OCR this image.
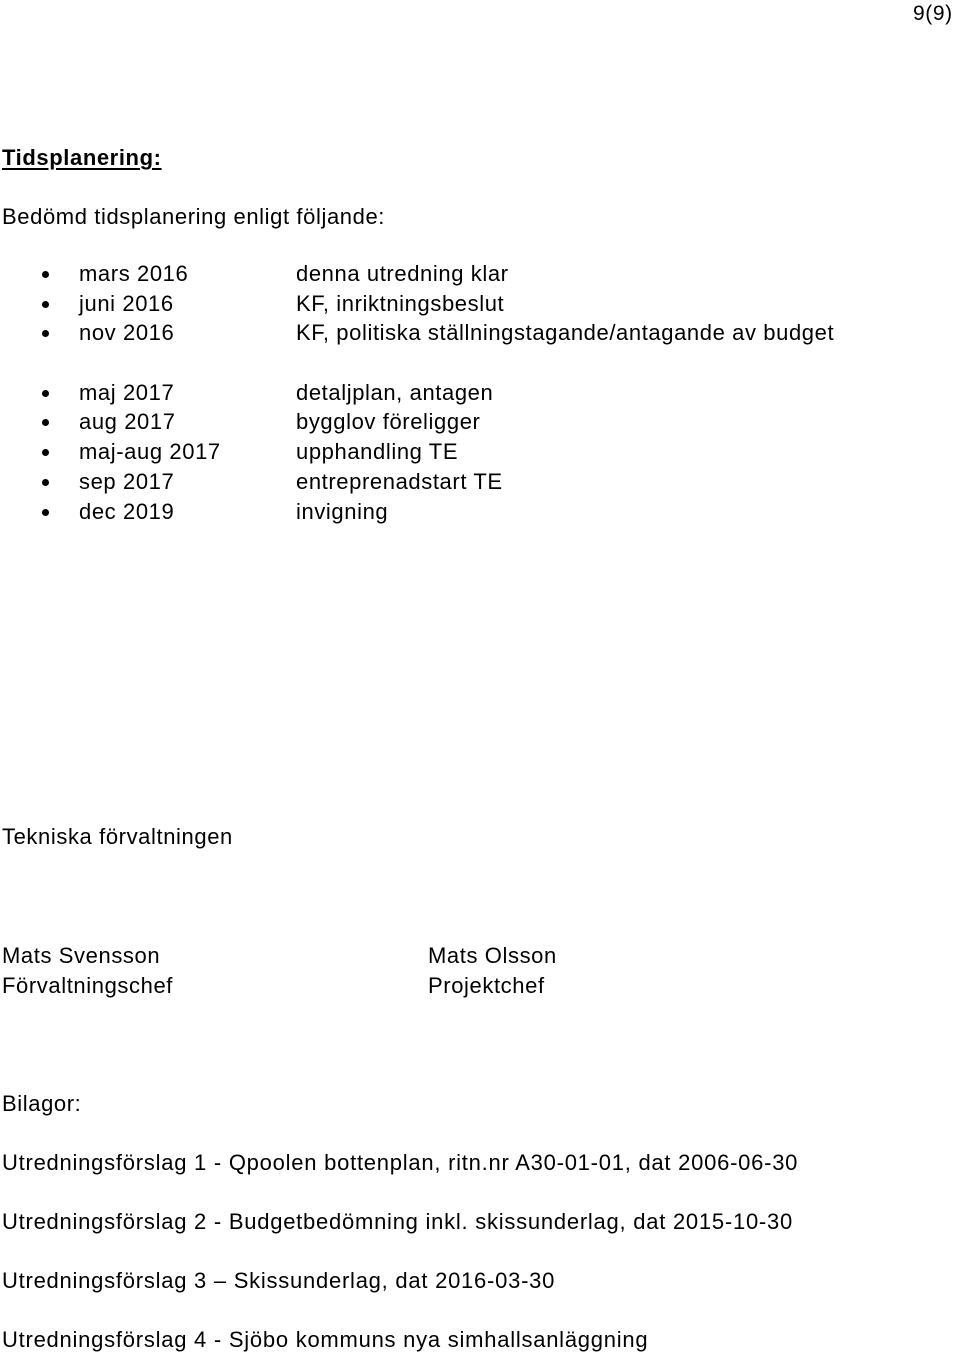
9(9)
Tidsplanering:
Bedömd tidsplanering enligt följande:
mars 2016	denna utredning klar
juni 2016	KF, inriktningsbeslut
nov 2016	KF, politiska ställningstagande/antagande av budget
maj 2017	detaljplan, antagen
aug 2017	bygglov föreligger
maj-aug 2017	upphandling TE
sep 2017	entreprenadstart TE
dec 2019	invigning
Tekniska förvaltningen
Mats Svensson
Förvaltningschef
Mats Olsson
Projektchef
Bilagor:
Utredningsförslag 1 - Qpoolen bottenplan, ritn.nr A30-01-01, dat 2006-06-30
Utredningsförslag 2 - Budgetbedömning inkl. skissunderlag, dat 2015-10-30
Utredningsförslag 3 – Skissunderlag, dat 2016-03-30
Utredningsförslag 4 - Sjöbo kommuns nya simhallsanläggning
